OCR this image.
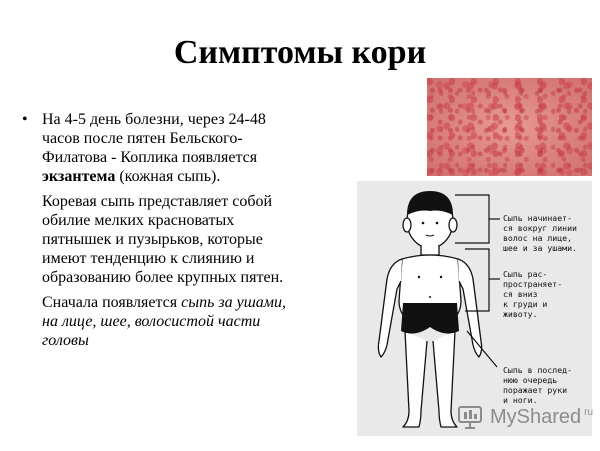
Симптомы кори
• На 4-5 день болезни, через 24-48 часов после пятен Бельского-Филатова - Коплика появляется экзантема (кожная сыпь).

Коревая сыпь представляет собой обилие мелких красноватых пятнышек и пузырьков, которые имеют тенденцию к слиянию и образованию более крупных пятен.

Сначала появляется сыпь за ушами, на лице, шее, волосистой части головы

Сыпь начинает-
ся вокруг линии
волос на лице,
шее и за ушами.

Сыпь рас-
пространяет-
ся вниз
к груди и
животу.

Сыпь в послед-
нюю очередь
поражает руки
и ноги.

MyShared $^{ru}$
